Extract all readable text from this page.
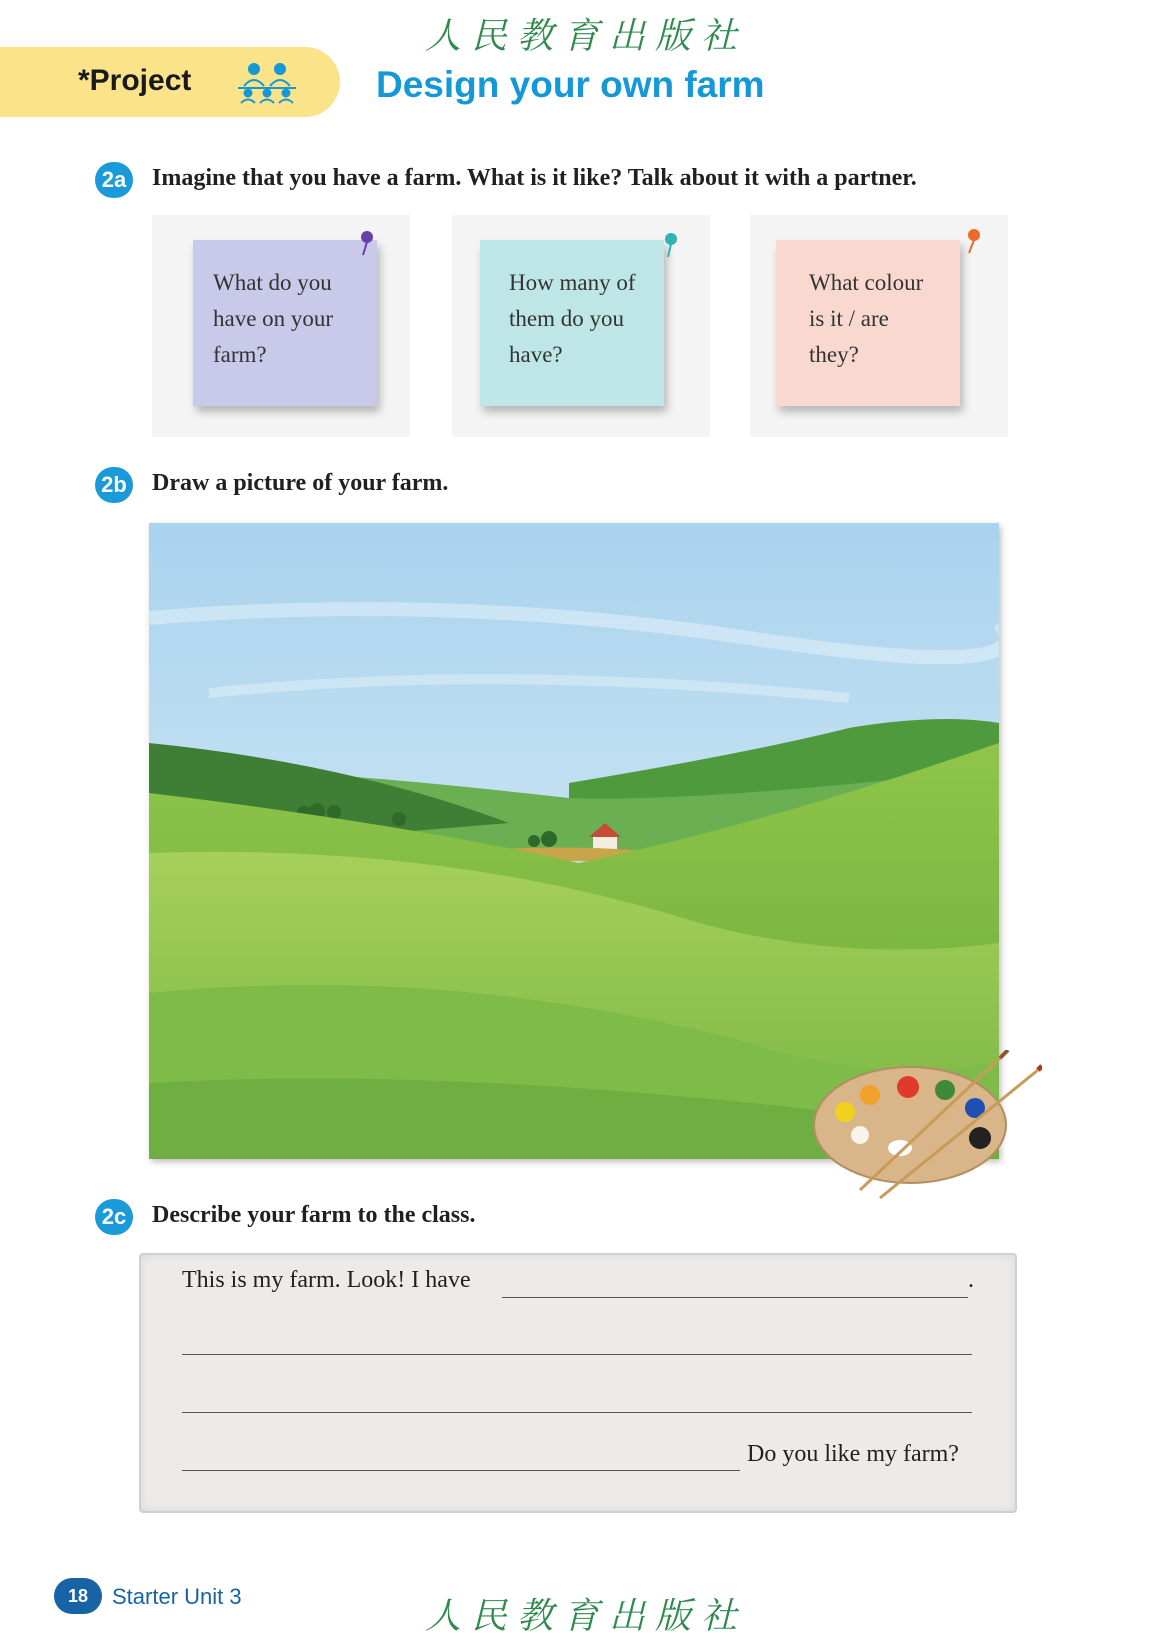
人民教育出版社
*Project	Design your own farm
2a Imagine that you have a farm. What is it like? Talk about it with a partner.
What do you
have on your
farm?
How many of
them do you
have?
What colour
is it / are
they?
2b Draw a picture of your farm.
2c Describe your farm to the class.
This is my farm. Look! I have	.
Do you like my farm?
18	Starter Unit 3	人民教育出版社
